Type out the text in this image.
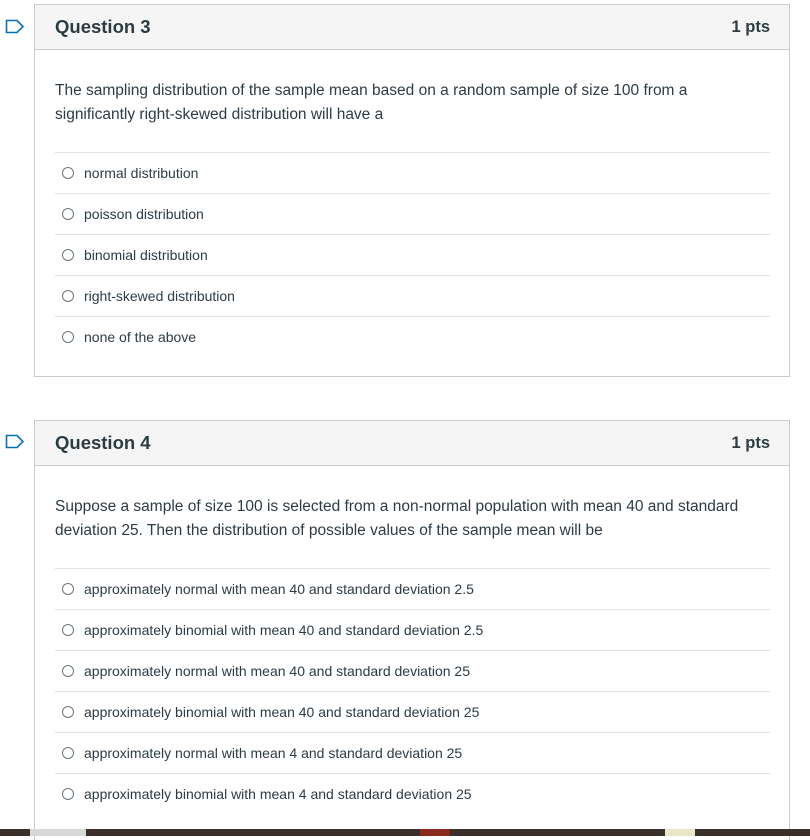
Question 3	1 pts

The sampling distribution of the sample mean based on a random sample of size 100 from a significantly right-skewed distribution will have a

normal distribution
poisson distribution
binomial distribution
right-skewed distribution
none of the above
Question 4	1 pts

Suppose a sample of size 100 is selected from a non-normal population with mean 40 and standard deviation 25. Then the distribution of possible values of the sample mean will be

approximately normal with mean 40 and standard deviation 2.5
approximately binomial with mean 40 and standard deviation 2.5
approximately normal with mean 40 and standard deviation 25
approximately binomial with mean 40 and standard deviation 25
approximately normal with mean 4 and standard deviation 25
approximately binomial with mean 4 and standard deviation 25
